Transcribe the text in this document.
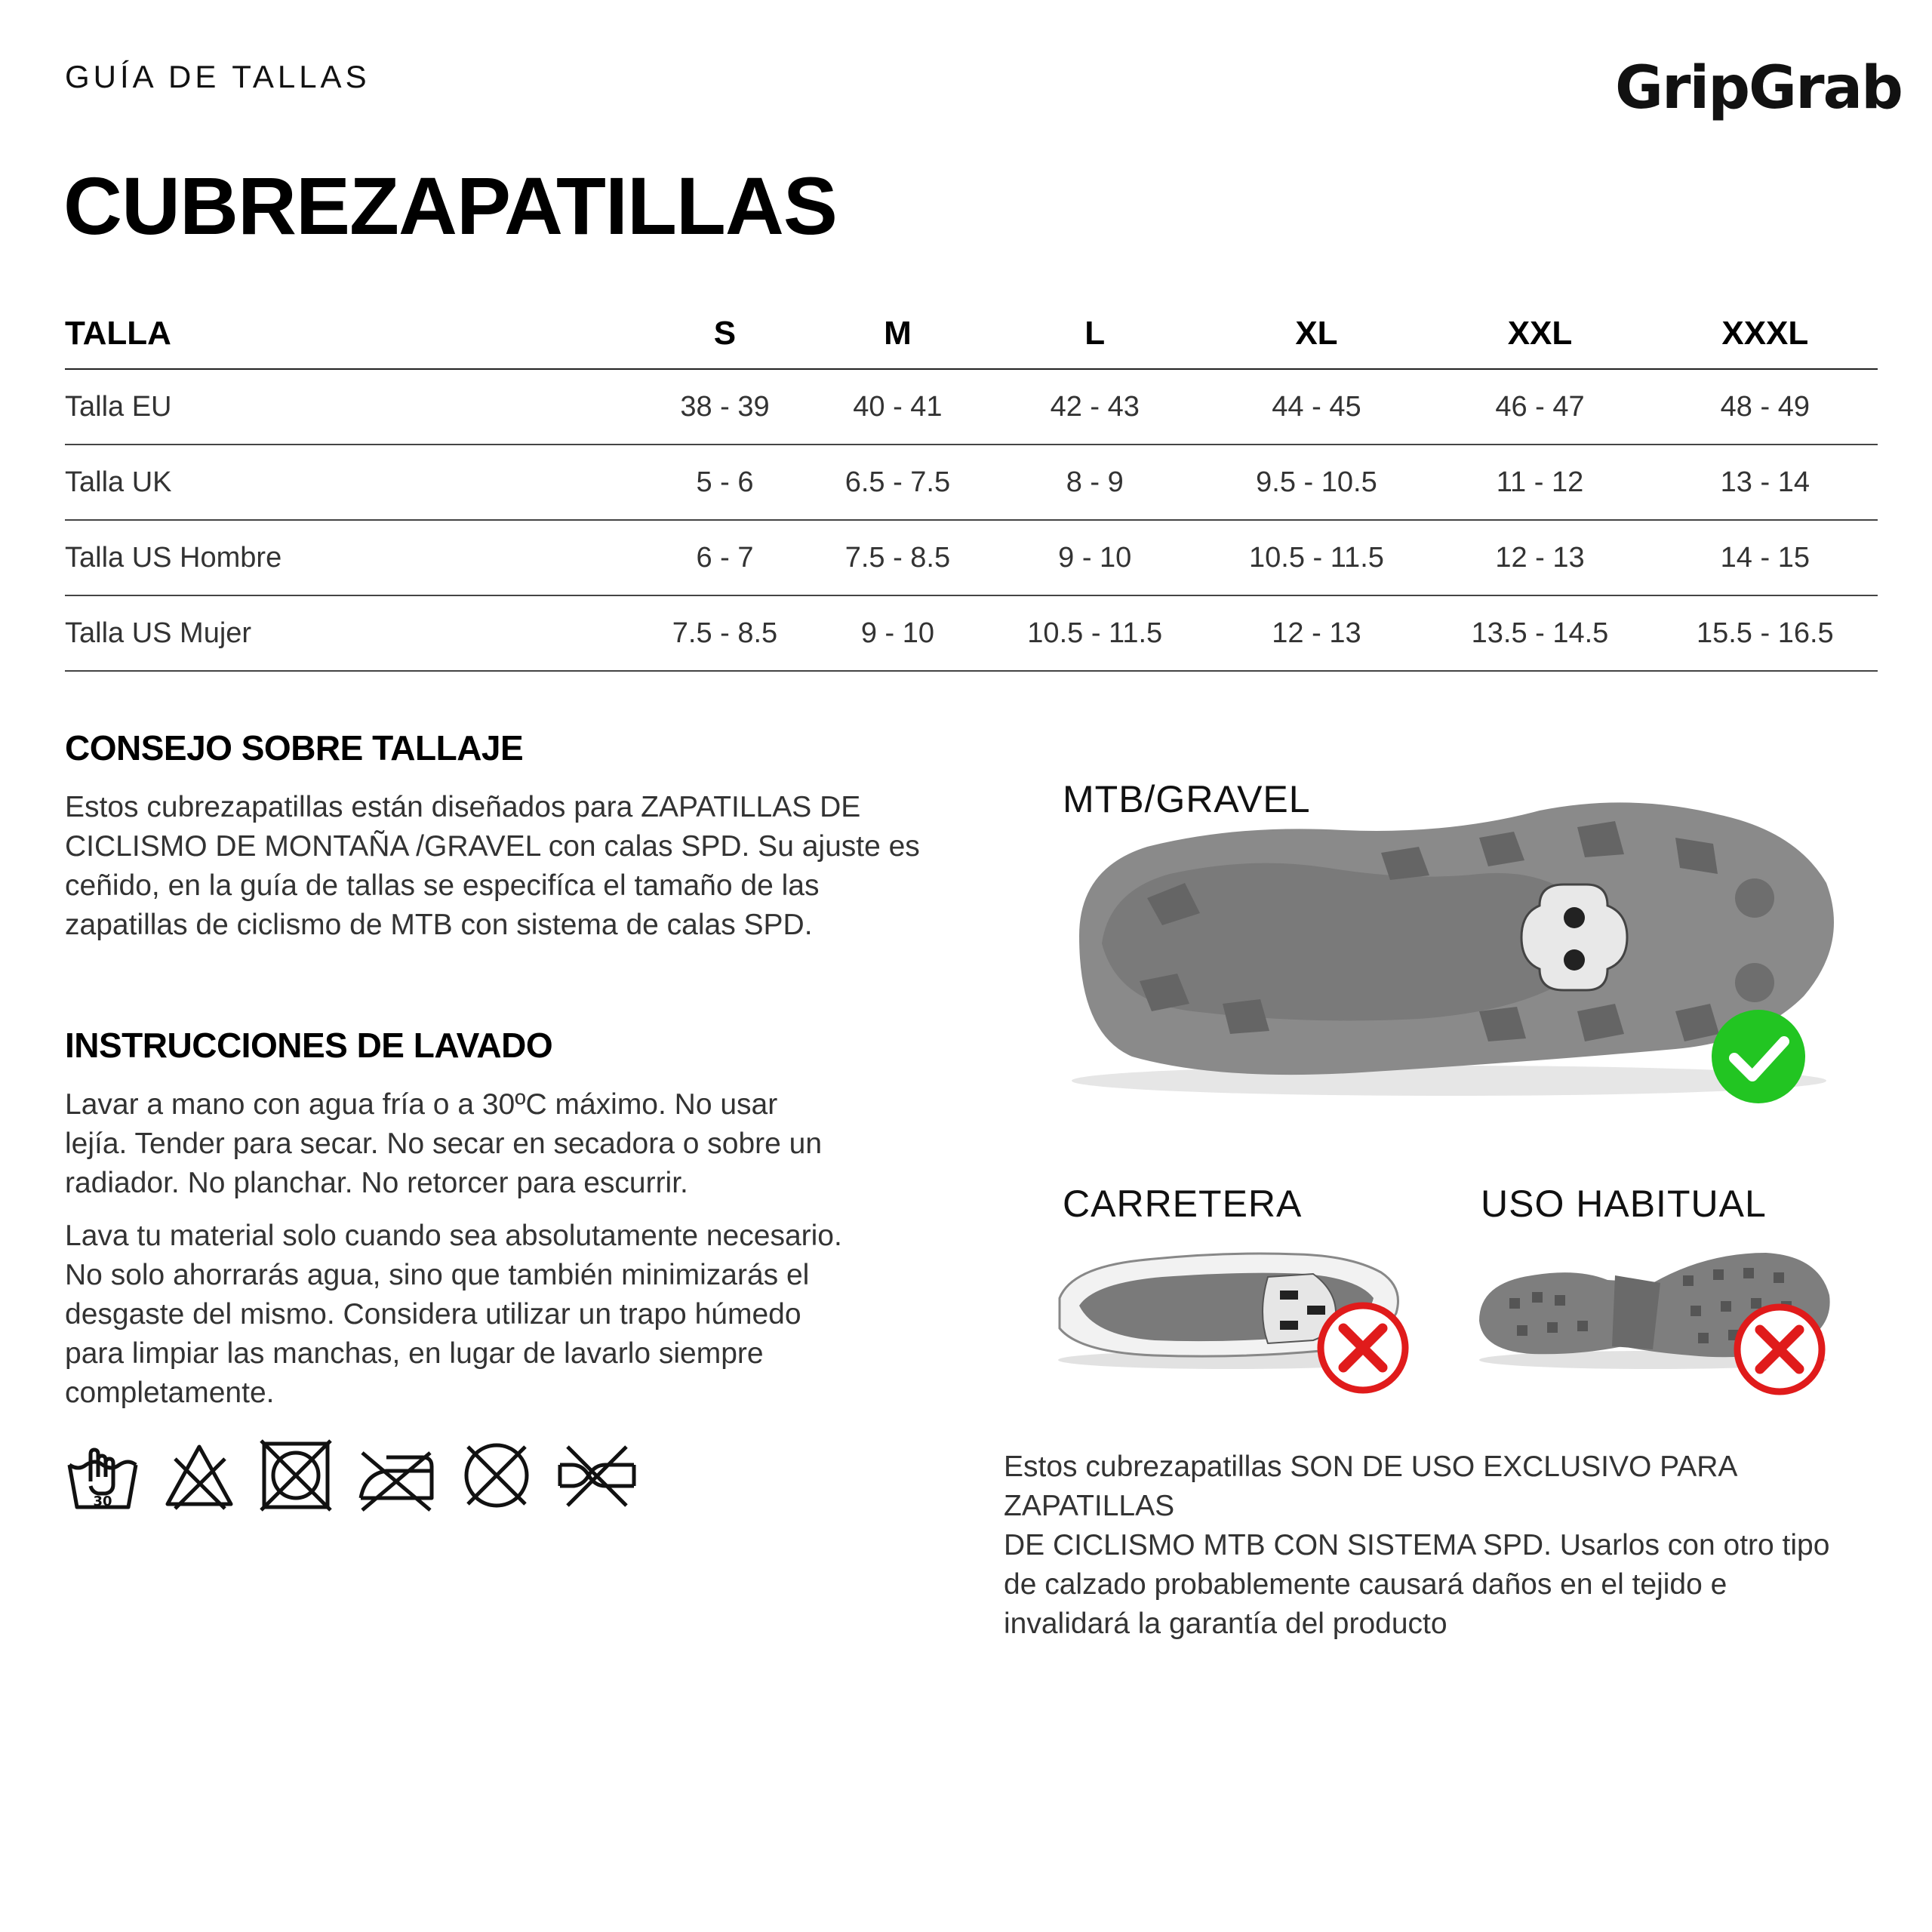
GUÍA DE TALLAS	GripGrab
CUBREZAPATILLAS
TALLA	S	M	L	XL	XXL	XXXL
Talla EU	38 - 39	40 - 41	42 - 43	44 - 45	46 - 47	48 - 49
Talla UK	5 - 6	6.5 - 7.5	8 - 9	9.5 - 10.5	11 - 12	13 - 14
Talla US Hombre	6 - 7	7.5 - 8.5	9 - 10	10.5 - 11.5	12 - 13	14 - 15
Talla US Mujer	7.5 - 8.5	9 - 10	10.5 - 11.5	12 - 13	13.5 - 14.5	15.5 - 16.5
CONSEJO SOBRE TALLAJE
Estos cubrezapatillas están diseñados para ZAPATILLAS DE
CICLISMO DE MONTAÑA /GRAVEL con calas SPD. Su ajuste es
ceñido, en la guía de tallas se especifíca el tamaño de las
zapatillas de ciclismo de MTB con sistema de calas SPD.
INSTRUCCIONES DE LAVADO
Lavar a mano con agua fría o a 30ºC máximo. No usar
lejía. Tender para secar. No secar en secadora o sobre un
radiador. No planchar. No retorcer para escurrir.
Lava tu material solo cuando sea absolutamente necesario.
No solo ahorrarás agua, sino que también minimizarás el
desgaste del mismo. Considera utilizar un trapo húmedo
para limpiar las manchas, en lugar de lavarlo siempre
completamente.
30
MTB/GRAVEL
CARRETERA	USO HABITUAL
Estos cubrezapatillas SON DE USO EXCLUSIVO PARA ZAPATILLAS
DE CICLISMO MTB CON SISTEMA SPD. Usarlos con otro tipo
de calzado probablemente causará daños en el tejido e
invalidará la garantía del producto
